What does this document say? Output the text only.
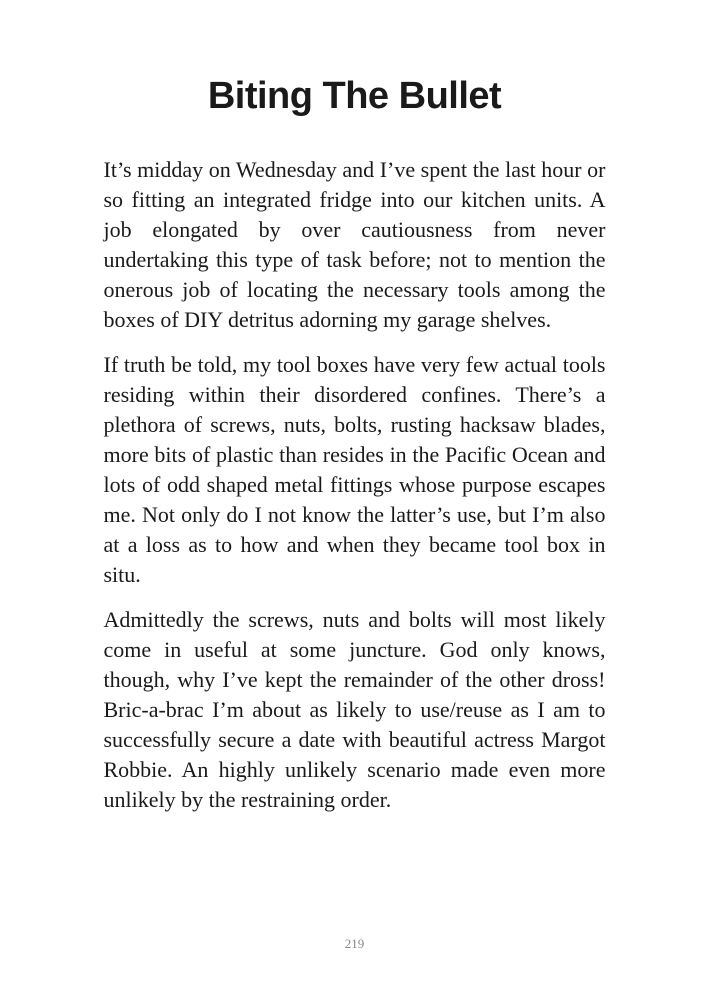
Biting The Bullet

It’s midday on Wednesday and I’ve spent the last hour or so fitting an integrated fridge into our kitchen units. A job elongated by over cautiousness from never undertaking this type of task before; not to mention the onerous job of locating the necessary tools among the boxes of DIY detritus adorning my garage shelves.

If truth be told, my tool boxes have very few actual tools residing within their disordered confines. There’s a plethora of screws, nuts, bolts, rusting hacksaw blades, more bits of plastic than resides in the Pacific Ocean and lots of odd shaped metal fittings whose purpose escapes me. Not only do I not know the latter’s use, but I’m also at a loss as to how and when they became tool box in situ.

Admittedly the screws, nuts and bolts will most likely come in useful at some juncture. God only knows, though, why I’ve kept the remainder of the other dross! Bric-a-brac I’m about as likely to use/reuse as I am to successfully secure a date with beautiful actress Margot Robbie. An highly unlikely scenario made even more unlikely by the restraining order.

219
